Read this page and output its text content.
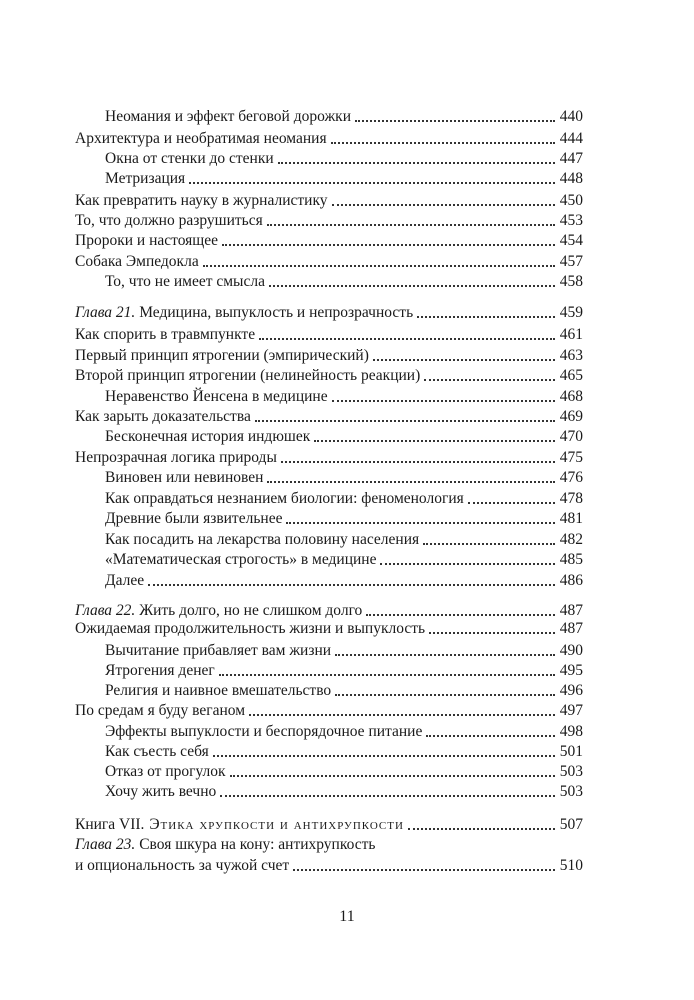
Неомания и эффект беговой дорожки	440
Архитектура и необратимая неомания	444
Окна от стенки до стенки	447
Метризация	448
Как превратить науку в журналистику	450
То, что должно разрушиться	453
Пророки и настоящее	454
Собака Эмпедокла	457
То, что не имеет смысла	458
Глава 21. Медицина, выпуклость и непрозрачность	459
Как спорить в травмпункте	461
Первый принцип ятрогении (эмпирический)	463
Второй принцип ятрогении (нелинейность реакции)	465
Неравенство Йенсена в медицине	468
Как зарыть доказательства	469
Бесконечная история индюшек	470
Непрозрачная логика природы	475
Виновен или невиновен	476
Как оправдаться незнанием биологии: феноменология	478
Древние были язвительнее	481
Как посадить на лекарства половину населения	482
«Математическая строгость» в медицине	485
Далее	486
Глава 22. Жить долго, но не слишком долго	487
Ожидаемая продолжительность жизни и выпуклость	487
Вычитание прибавляет вам жизни	490
Ятрогения денег	495
Религия и наивное вмешательство	496
По средам я буду веганом	497
Эффекты выпуклости и беспорядочное питание	498
Как съесть себя	501
Отказ от прогулок	503
Хочу жить вечно	503
Книга VII. Этика хрупкости и антихрупкости	507
Глава 23. Своя шкура на кону: антихрупкость
и опциональность за чужой счет	510
11
